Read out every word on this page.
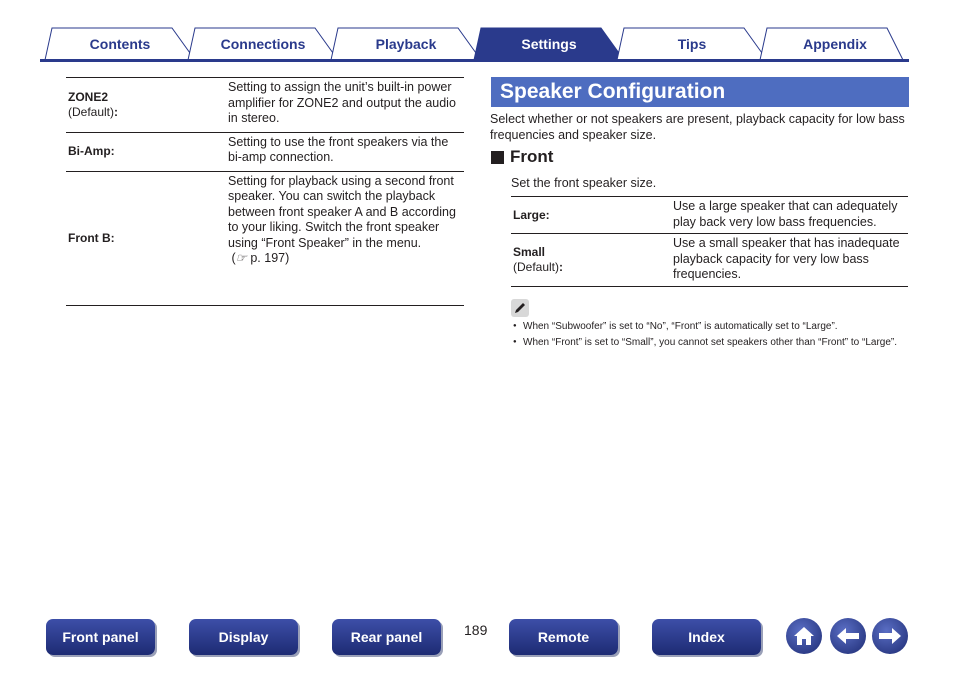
Contents	Connections	Playback	Settings	Tips	Appendix
ZONE2
(Default):
Setting to assign the unit’s built-in power amplifier for ZONE2 and output the audio in stereo.
Bi-Amp:
Setting to use the front speakers via the bi-amp connection.
Front B:
Setting for playback using a second front speaker. You can switch the playback between front speaker A and B according to your liking. Switch the front speaker using “Front Speaker” in the menu.
(☞ p. 197)
Speaker Configuration
Select whether or not speakers are present, playback capacity for low bass frequencies and speaker size.
Front
Set the front speaker size.
Large:
Use a large speaker that can adequately play back very low bass frequencies.
Small
(Default):
Use a small speaker that has inadequate playback capacity for very low bass frequencies.
● When “Subwoofer” is set to “No”, “Front” is automatically set to “Large”.
● When “Front” is set to “Small”, you cannot set speakers other than “Front” to “Large”.
Front panel	Display	Rear panel	189	Remote	Index
